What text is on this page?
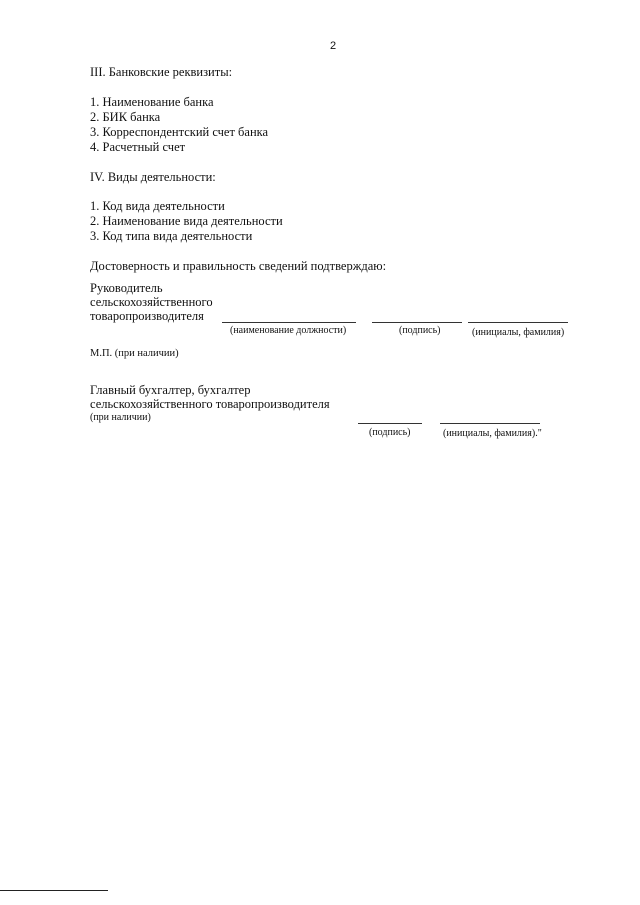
2
III. Банковские реквизиты:
1. Наименование банка
2. БИК банка
3. Корреспондентский счет банка
4. Расчетный счет
IV. Виды деятельности:
1. Код вида деятельности
2. Наименование вида деятельности
3. Код типа вида деятельности
Достоверность и правильность сведений подтверждаю:
Руководитель
сельскохозяйственного
товаропроизводителя
(наименование должности)	(подпись)	(инициалы, фамилия)
М.П. (при наличии)
Главный бухгалтер, бухгалтер
сельскохозяйственного товаропроизводителя
(при наличии)
(подпись)	(инициалы, фамилия)."
